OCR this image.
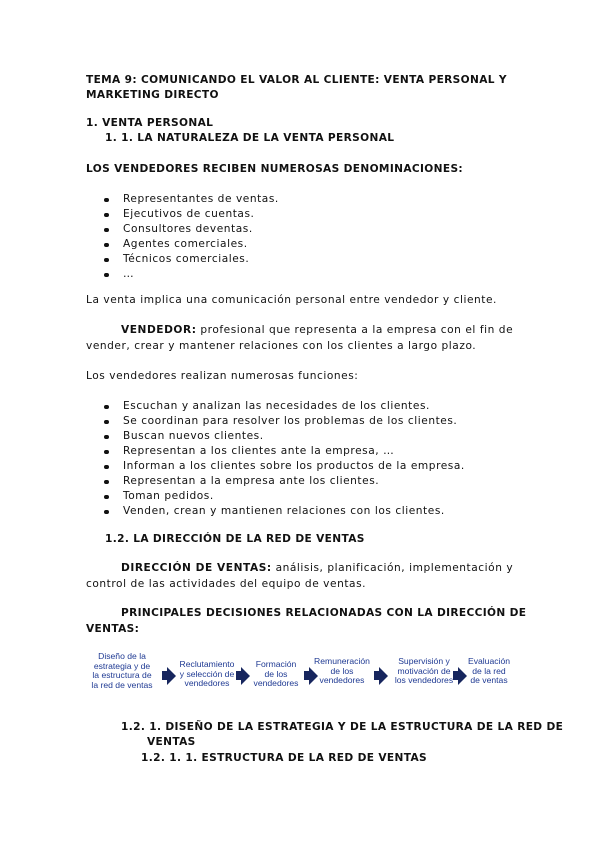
TEMA 9: COMUNICANDO EL VALOR AL CLIENTE: VENTA PERSONAL Y
MARKETING DIRECTO
1. VENTA PERSONAL
1. 1. LA NATURALEZA DE LA VENTA PERSONAL
LOS VENDEDORES RECIBEN NUMEROSAS DENOMINACIONES:
Representantes de ventas.
Ejecutivos de cuentas.
Consultores deventas.
Agentes comerciales.
Técnicos comerciales.
…
La venta implica una comunicación personal entre vendedor y cliente.
VENDEDOR: profesional que representa a la empresa con el fin de
vender, crear y mantener relaciones con los clientes a largo plazo.
Los vendedores realizan numerosas funciones:
Escuchan y analizan las necesidades de los clientes.
Se coordinan para resolver los problemas de los clientes.
Buscan nuevos clientes.
Representan a los clientes ante la empresa, …
Informan a los clientes sobre los productos de la empresa.
Representan a la empresa ante los clientes.
Toman pedidos.
Venden, crean y mantienen relaciones con los clientes.
1.2. LA DIRECCIÓN DE LA RED DE VENTAS
DIRECCIÓN DE VENTAS: análisis, planificación, implementación y
control de las actividades del equipo de ventas.
PRINCIPALES DECISIONES RELACIONADAS CON LA DIRECCIÓN DE
VENTAS:
Diseño de la
estrategia y de
la estructura de
la red de ventas
Reclutamiento
y selección de
vendedores
Formación
de los
vendedores
Remuneración
de los
vendedores
Supervisión y
motivación de
los vendedores
Evaluación
de la red
de ventas
1.2. 1. DISEÑO DE LA ESTRATEGIA Y DE LA ESTRUCTURA DE LA RED DE
VENTAS
1.2. 1. 1. ESTRUCTURA DE LA RED DE VENTAS
